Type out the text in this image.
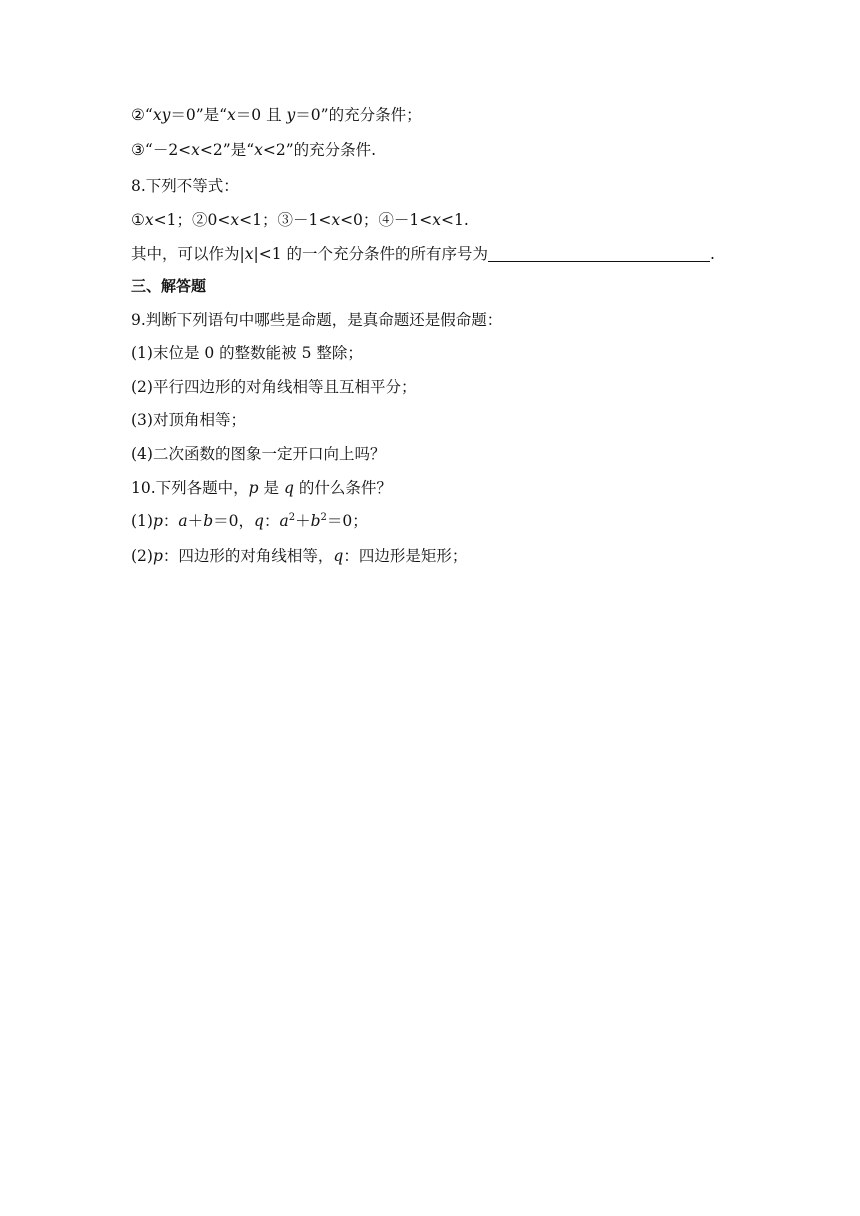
②“xy＝0”是“x＝0 且 y＝0”的充分条件；
③“－2<x<2”是“x<2”的充分条件.
8.下列不等式：
①x<1；②0<x<1；③－1<x<0；④－1<x<1.
其中，可以作为|x|<1 的一个充分条件的所有序号为	.
三、解答题
9.判断下列语句中哪些是命题，是真命题还是假命题：
(1)末位是 0 的整数能被 5 整除；
(2)平行四边形的对角线相等且互相平分；
(3)对顶角相等；
(4)二次函数的图象一定开口向上吗？
10.下列各题中，p 是 q 的什么条件？
(1)p：a＋b＝0，q：$a^2+b^2=0$；
(2)p：四边形的对角线相等，q：四边形是矩形；
